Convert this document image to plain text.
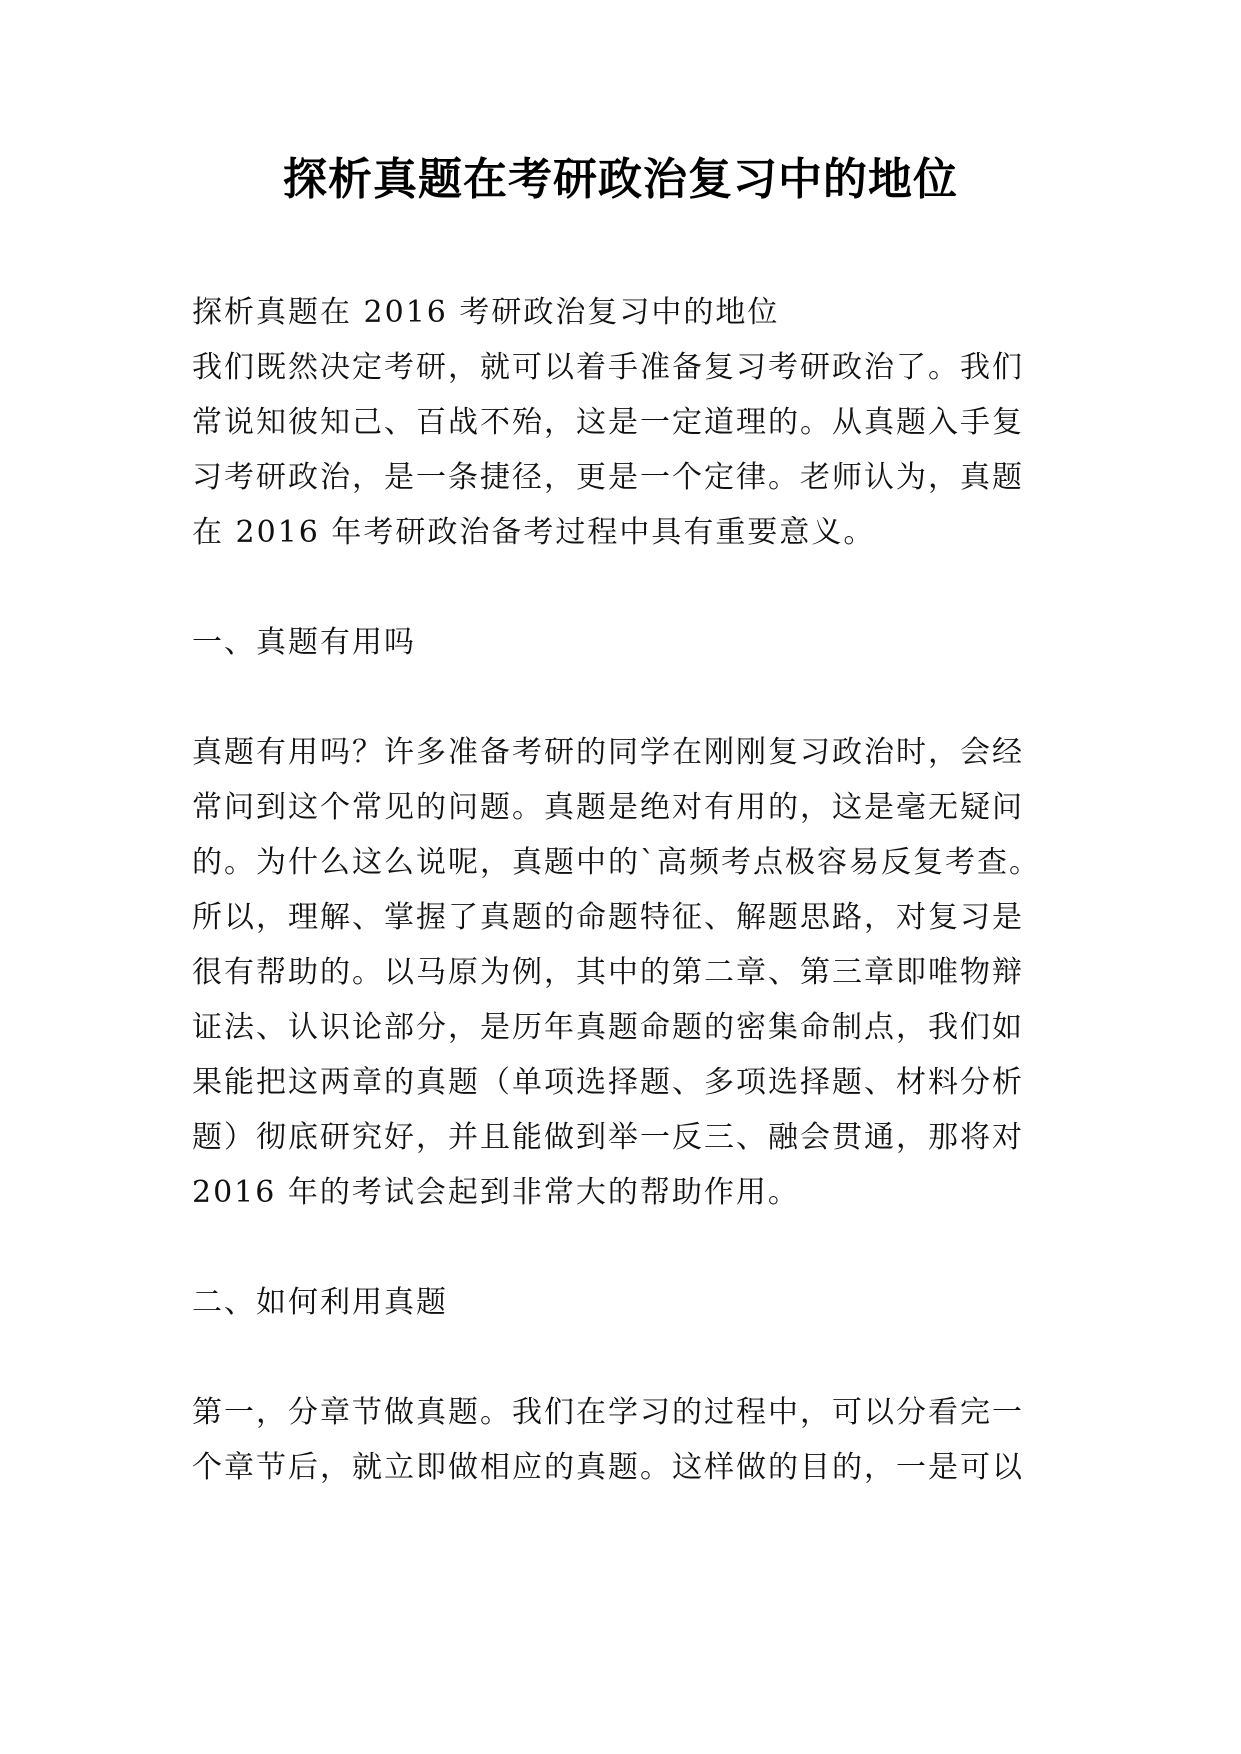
探析真题在考研政治复习中的地位
探析真题在 2016 考研政治复习中的地位
我们既然决定考研，就可以着手准备复习考研政治了。我们
常说知彼知己、百战不殆，这是一定道理的。从真题入手复
习考研政治，是一条捷径，更是一个定律。老师认为，真题
在 2016 年考研政治备考过程中具有重要意义。
一、真题有用吗
真题有用吗？许多准备考研的同学在刚刚复习政治时，会经
常问到这个常见的问题。真题是绝对有用的，这是毫无疑问
的。为什么这么说呢，真题中的`高频考点极容易反复考查。
所以，理解、掌握了真题的命题特征、解题思路，对复习是
很有帮助的。以马原为例，其中的第二章、第三章即唯物辩
证法、认识论部分，是历年真题命题的密集命制点，我们如
果能把这两章的真题（单项选择题、多项选择题、材料分析
题）彻底研究好，并且能做到举一反三、融会贯通，那将对
2016 年的考试会起到非常大的帮助作用。
二、如何利用真题
第一，分章节做真题。我们在学习的过程中，可以分看完一
个章节后，就立即做相应的真题。这样做的目的，一是可以
